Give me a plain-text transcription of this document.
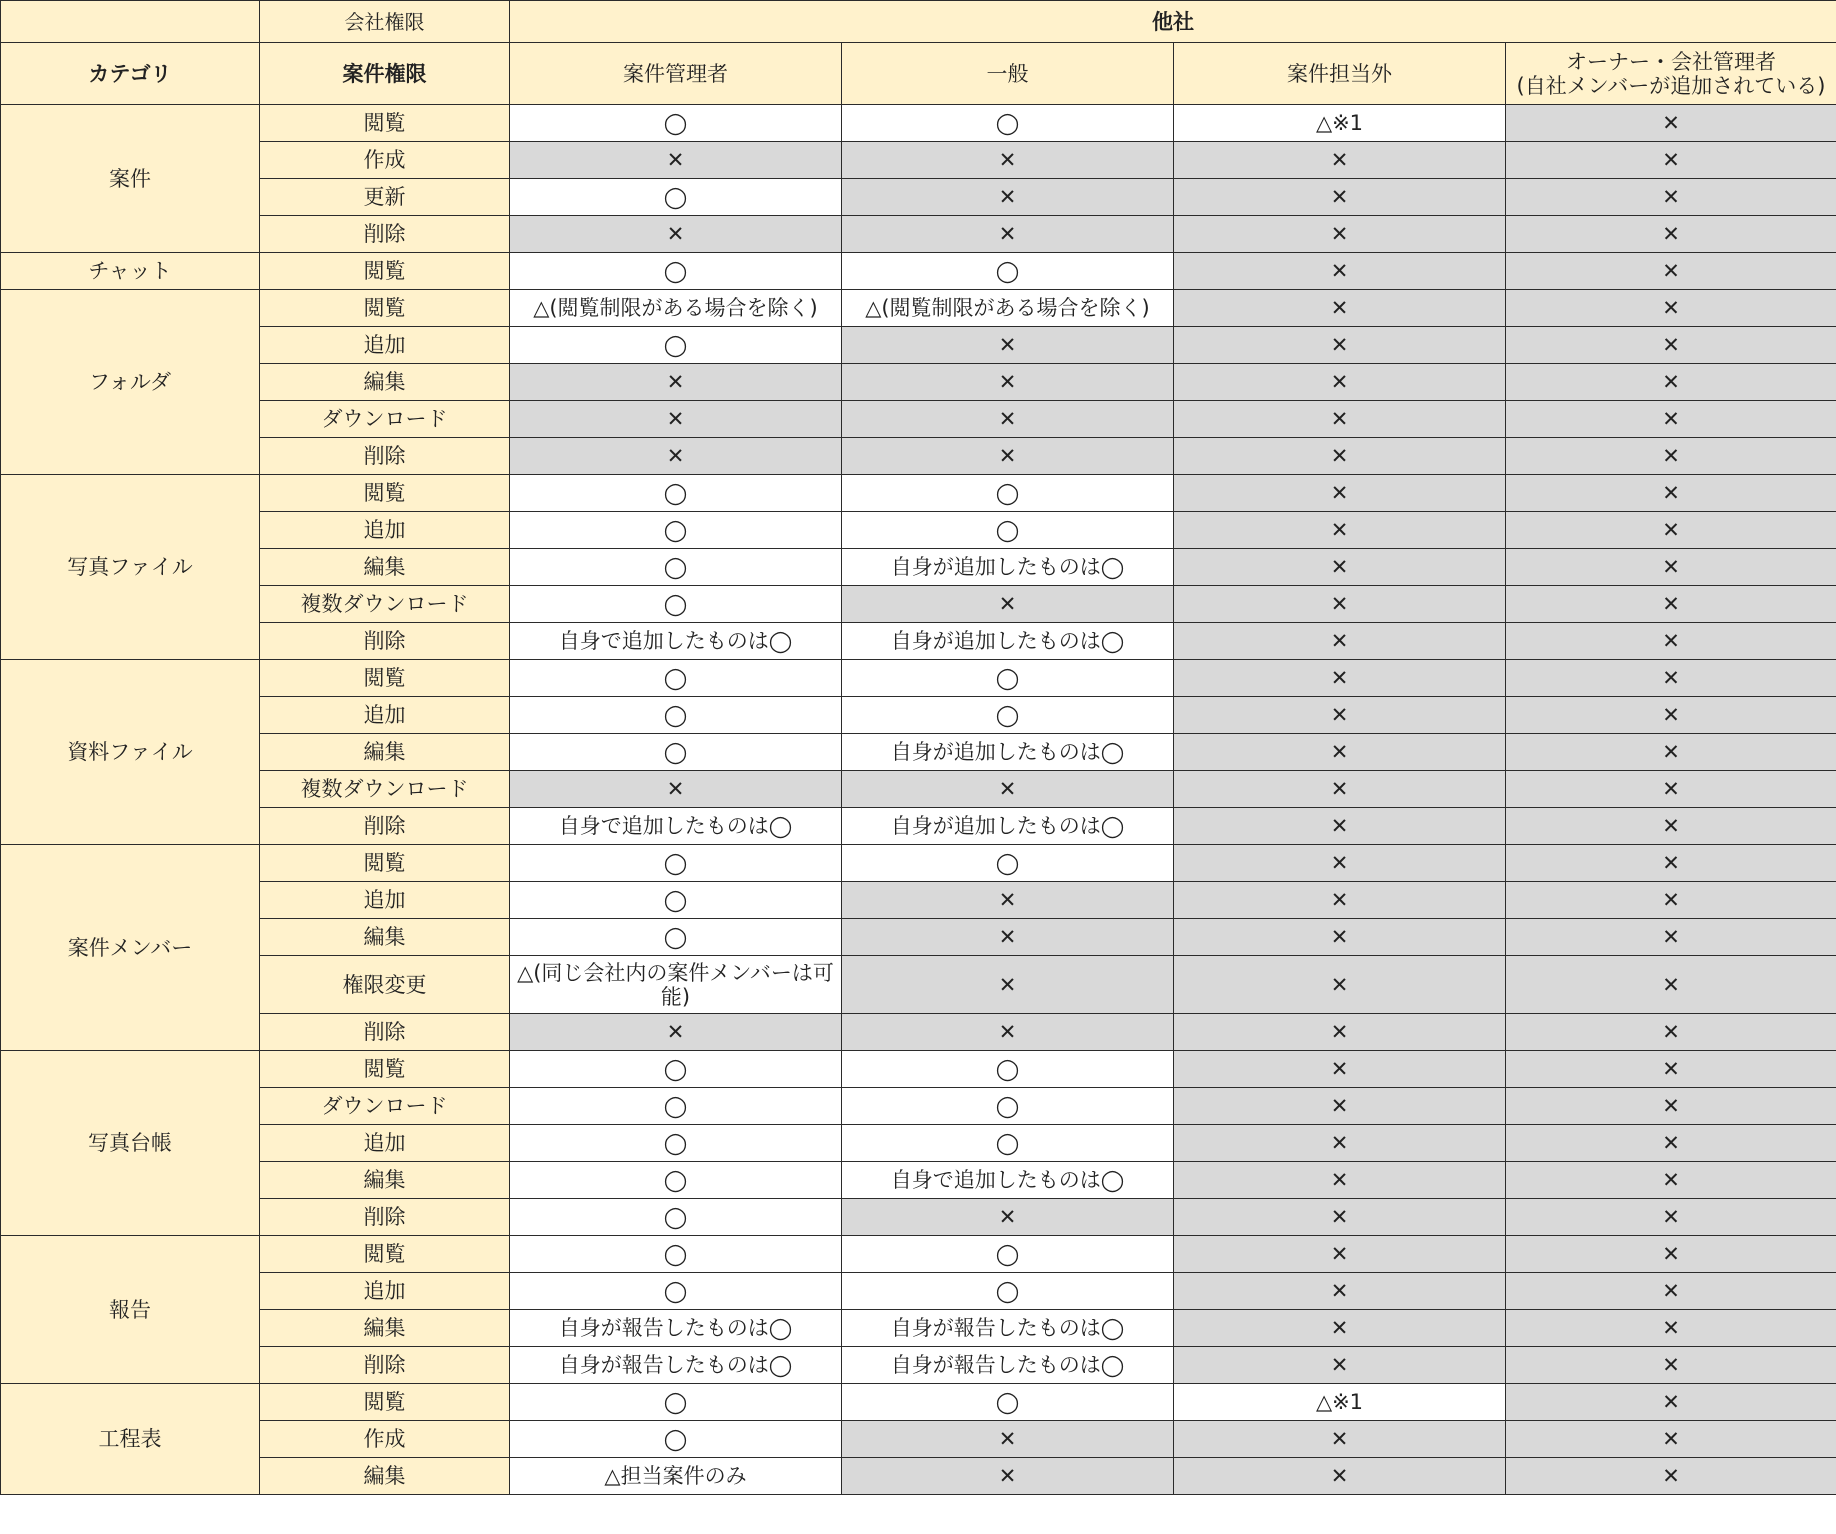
	会社権限	他社			
カテゴリ	案件権限	案件管理者	一般	案件担当外	オーナー・会社管理者
(自社メンバーが追加されている)
案件	閲覧	◯	◯	△※1	✕
	作成	✕	✕	✕	✕
	更新	◯	✕	✕	✕
	削除	✕	✕	✕	✕
チャット	閲覧	◯	◯	✕	✕
フォルダ	閲覧	△(閲覧制限がある場合を除く)	△(閲覧制限がある場合を除く)	✕	✕
	追加	◯	✕	✕	✕
	編集	✕	✕	✕	✕
	ダウンロード	✕	✕	✕	✕
	削除	✕	✕	✕	✕
写真ファイル	閲覧	◯	◯	✕	✕
	追加	◯	◯	✕	✕
	編集	◯	自身が追加したものは◯	✕	✕
	複数ダウンロード	◯	✕	✕	✕
	削除	自身で追加したものは◯	自身が追加したものは◯	✕	✕
資料ファイル	閲覧	◯	◯	✕	✕
	追加	◯	◯	✕	✕
	編集	◯	自身が追加したものは◯	✕	✕
	複数ダウンロード	✕	✕	✕	✕
	削除	自身で追加したものは◯	自身が追加したものは◯	✕	✕
案件メンバー	閲覧	◯	◯	✕	✕
	追加	◯	✕	✕	✕
	編集	◯	✕	✕	✕
	権限変更	△(同じ会社内の案件メンバーは可能)	✕	✕	✕
	削除	✕	✕	✕	✕
写真台帳	閲覧	◯	◯	✕	✕
	ダウンロード	◯	◯	✕	✕
	追加	◯	◯	✕	✕
	編集	◯	自身で追加したものは◯	✕	✕
	削除	◯	✕	✕	✕
報告	閲覧	◯	◯	✕	✕
	追加	◯	◯	✕	✕
	編集	自身が報告したものは◯	自身が報告したものは◯	✕	✕
	削除	自身が報告したものは◯	自身が報告したものは◯	✕	✕
工程表	閲覧	◯	◯	△※1	✕
	作成	◯	✕	✕	✕
	編集	△担当案件のみ	✕	✕	✕
